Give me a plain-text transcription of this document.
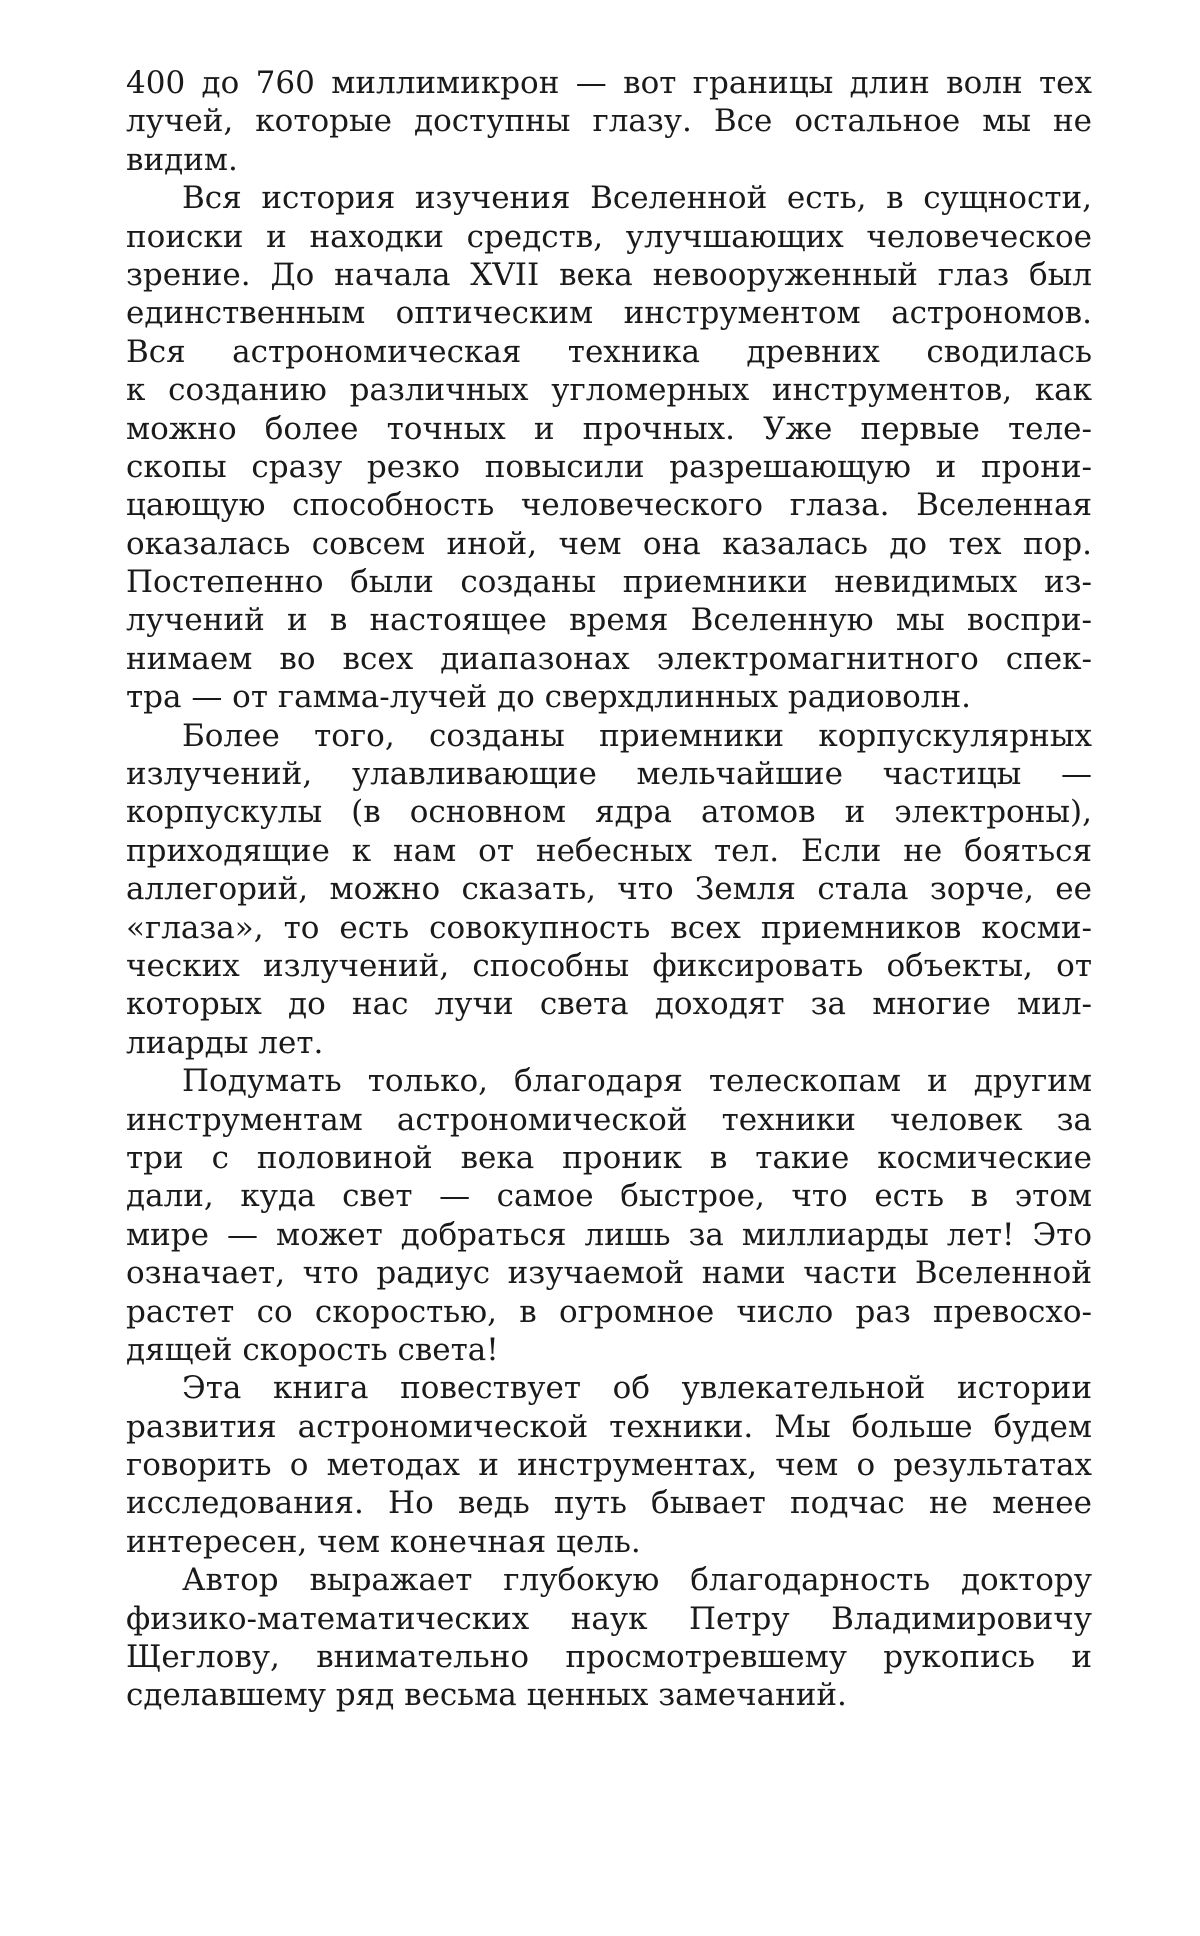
400 до 760 миллимикрон — вот границы длин волн тех
лучей, которые доступны глазу. Все остальное мы не
видим.
Вся история изучения Вселенной есть, в сущности,
поиски и находки средств, улучшающих человеческое
зрение. До начала XVII века невооруженный глаз был
единственным оптическим инструментом астрономов.
Вся астрономическая техника древних сводилась
к созданию различных угломерных инструментов, как
можно более точных и прочных. Уже первые теле-
скопы сразу резко повысили разрешающую и прони-
цающую способность человеческого глаза. Вселенная
оказалась совсем иной, чем она казалась до тех пор.
Постепенно были созданы приемники невидимых из-
лучений и в настоящее время Вселенную мы воспри-
нимаем во всех диапазонах электромагнитного спек-
тра — от гамма-лучей до сверхдлинных радиоволн.
Более того, созданы приемники корпускулярных
излучений, улавливающие мельчайшие частицы —
корпускулы (в основном ядра атомов и электроны),
приходящие к нам от небесных тел. Если не бояться
аллегорий, можно сказать, что Земля стала зорче, ее
«глаза», то есть совокупность всех приемников косми-
ческих излучений, способны фиксировать объекты, от
которых до нас лучи света доходят за многие мил-
лиарды лет.
Подумать только, благодаря телескопам и другим
инструментам астрономической техники человек за
три с половиной века проник в такие космические
дали, куда свет — самое быстрое, что есть в этом
мире — может добраться лишь за миллиарды лет! Это
означает, что радиус изучаемой нами части Вселенной
растет со скоростью, в огромное число раз превосхо-
дящей скорость света!
Эта книга повествует об увлекательной истории
развития астрономической техники. Мы больше будем
говорить о методах и инструментах, чем о результатах
исследования. Но ведь путь бывает подчас не менее
интересен, чем конечная цель.
Автор выражает глубокую благодарность доктору
физико-математических наук Петру Владимировичу
Щеглову, внимательно просмотревшему рукопись и
сделавшему ряд весьма ценных замечаний.
